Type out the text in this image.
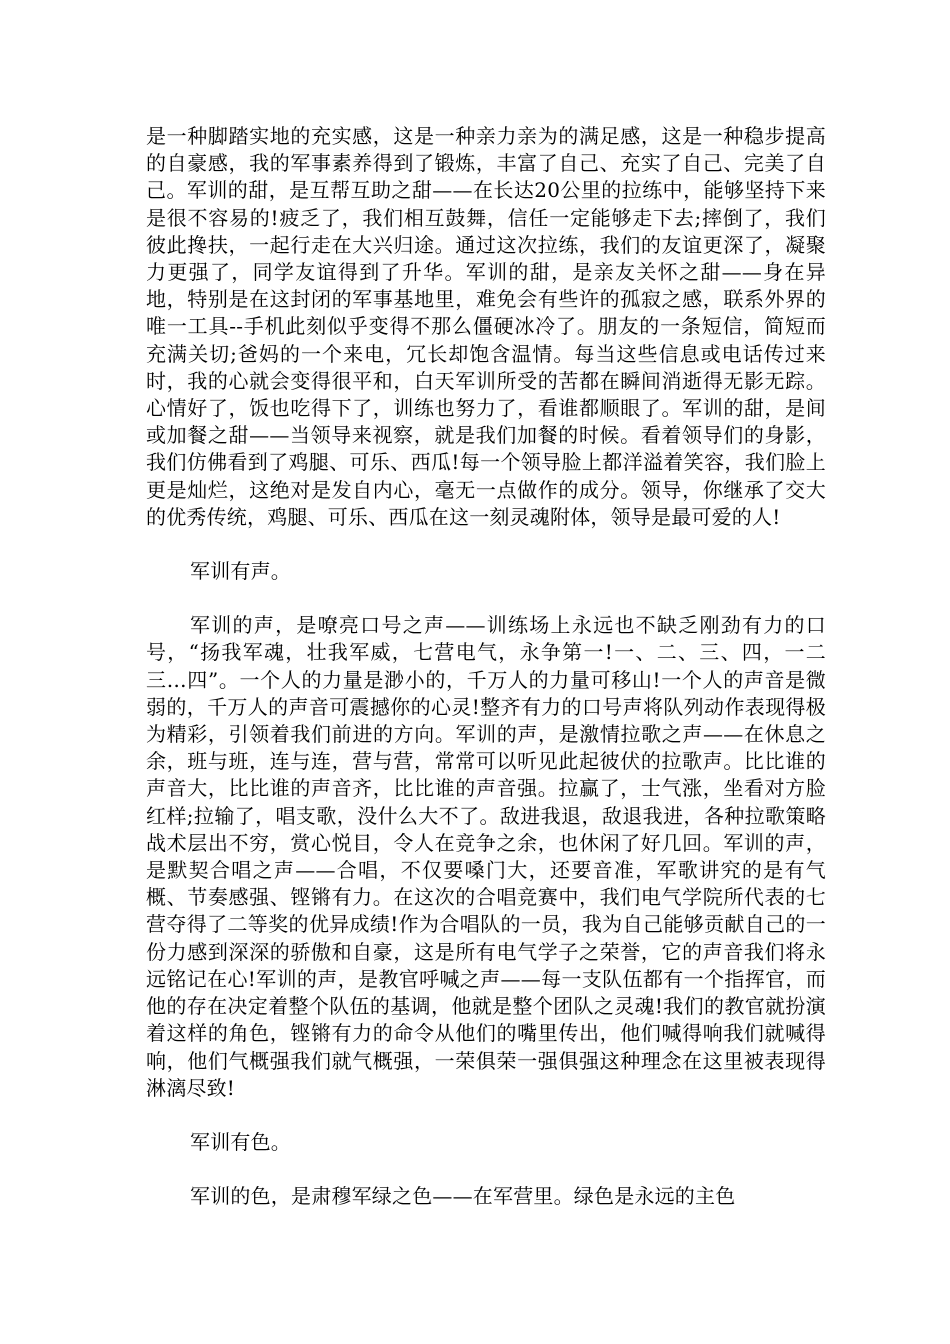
是一种脚踏实地的充实感，这是一种亲力亲为的满足感，这是一种稳步提高的自豪感，我的军事素养得到了锻炼，丰富了自己、充实了自己、完美了自己。军训的甜，是互帮互助之甜——在长达20公里的拉练中，能够坚持下来是很不容易的!疲乏了，我们相互鼓舞，信任一定能够走下去;摔倒了，我们彼此搀扶，一起行走在大兴归途。通过这次拉练，我们的友谊更深了，凝聚力更强了，同学友谊得到了升华。军训的甜，是亲友关怀之甜——身在异地，特别是在这封闭的军事基地里，难免会有些许的孤寂之感，联系外界的唯一工具--手机此刻似乎变得不那么僵硬冰冷了。朋友的一条短信，简短而充满关切;爸妈的一个来电，冗长却饱含温情。每当这些信息或电话传过来时，我的心就会变得很平和，白天军训所受的苦都在瞬间消逝得无影无踪。心情好了，饭也吃得下了，训练也努力了，看谁都顺眼了。军训的甜，是间或加餐之甜——当领导来视察，就是我们加餐的时候。看着领导们的身影，我们仿佛看到了鸡腿、可乐、西瓜!每一个领导脸上都洋溢着笑容，我们脸上更是灿烂，这绝对是发自内心，毫无一点做作的成分。领导，你继承了交大的优秀传统，鸡腿、可乐、西瓜在这一刻灵魂附体，领导是最可爱的人!

军训有声。

军训的声，是嘹亮口号之声——训练场上永远也不缺乏刚劲有力的口号，“扬我军魂，壮我军威，七营电气，永争第一!一、二、三、四，一二三…四”。一个人的力量是渺小的，千万人的力量可移山!一个人的声音是微弱的，千万人的声音可震撼你的心灵!整齐有力的口号声将队列动作表现得极为精彩，引领着我们前进的方向。军训的声，是激情拉歌之声——在休息之余，班与班，连与连，营与营，常常可以听见此起彼伏的拉歌声。比比谁的声音大，比比谁的声音齐，比比谁的声音强。拉赢了，士气涨，坐看对方脸红样;拉输了，唱支歌，没什么大不了。敌进我退，敌退我进，各种拉歌策略战术层出不穷，赏心悦目，令人在竞争之余，也休闲了好几回。军训的声，是默契合唱之声——合唱，不仅要嗓门大，还要音准，军歌讲究的是有气概、节奏感强、铿锵有力。在这次的合唱竞赛中，我们电气学院所代表的七营夺得了二等奖的优异成绩!作为合唱队的一员，我为自己能够贡献自己的一份力感到深深的骄傲和自豪，这是所有电气学子之荣誉，它的声音我们将永远铭记在心!军训的声，是教官呼喊之声——每一支队伍都有一个指挥官，而他的存在决定着整个队伍的基调，他就是整个团队之灵魂!我们的教官就扮演着这样的角色，铿锵有力的命令从他们的嘴里传出，他们喊得响我们就喊得响，他们气概强我们就气概强，一荣俱荣一强俱强这种理念在这里被表现得淋漓尽致!

军训有色。

军训的色，是肃穆军绿之色——在军营里。绿色是永远的主色
